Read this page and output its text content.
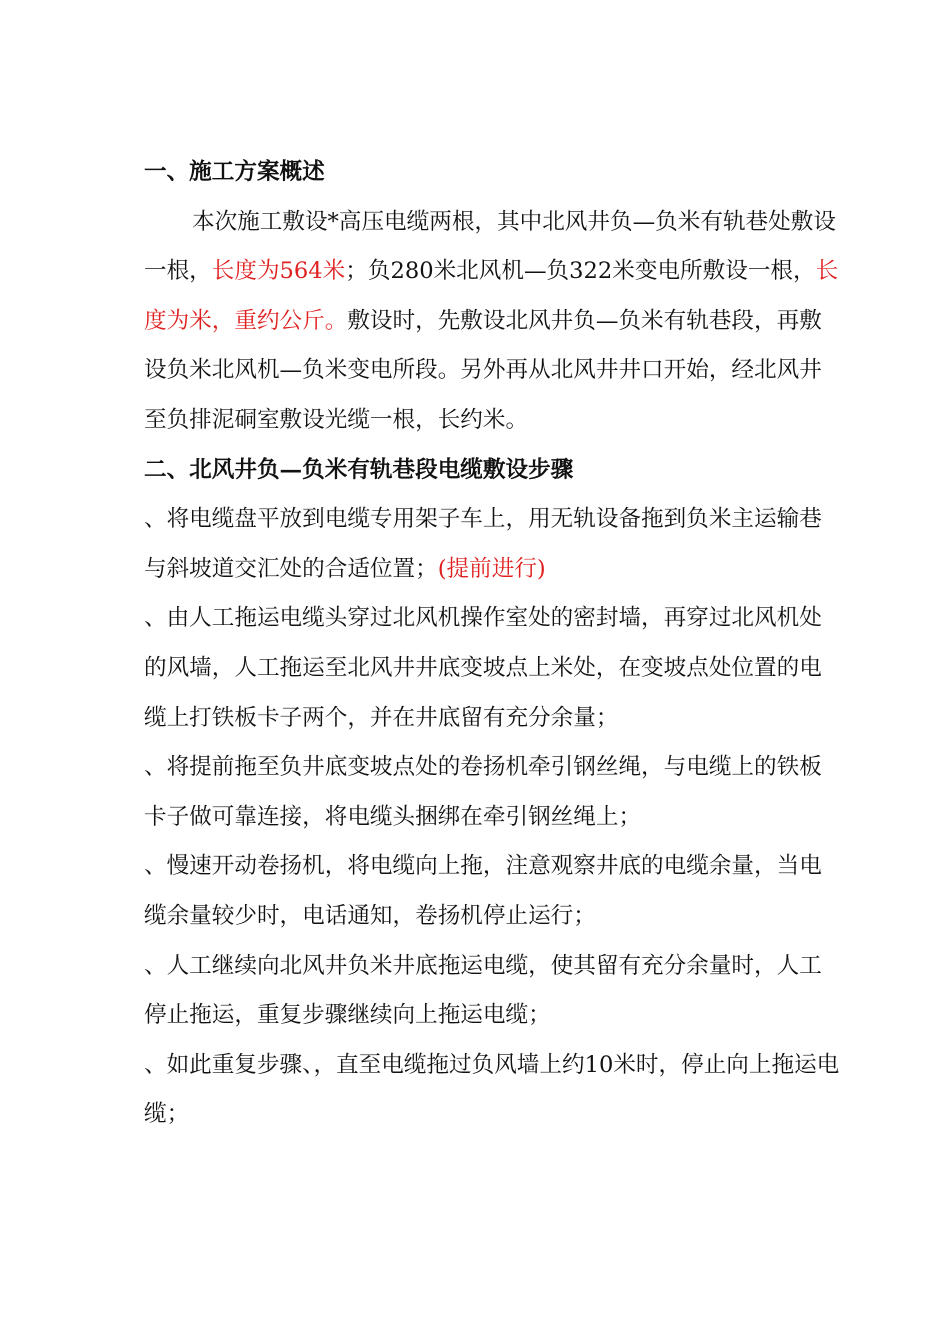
一、施工方案概述

本次施工敷设*高压电缆两根，其中北风井负—负米有轨巷处敷设一根，长度为564米；负280米北风机—负322米变电所敷设一根，长度为米，重约公斤。敷设时，先敷设北风井负—负米有轨巷段，再敷设负米北风机—负米变电所段。另外再从北风井井口开始，经北风井至负排泥硐室敷设光缆一根，长约米。

二、北风井负—负米有轨巷段电缆敷设步骤

、将电缆盘平放到电缆专用架子车上，用无轨设备拖到负米主运输巷与斜坡道交汇处的合适位置；(提前进行)

、由人工拖运电缆头穿过北风机操作室处的密封墙，再穿过北风机处的风墙，人工拖运至北风井井底变坡点上米处，在变坡点处位置的电缆上打铁板卡子两个，并在井底留有充分余量；

、将提前拖至负井底变坡点处的卷扬机牵引钢丝绳，与电缆上的铁板卡子做可靠连接，将电缆头捆绑在牵引钢丝绳上；

、慢速开动卷扬机，将电缆向上拖，注意观察井底的电缆余量，当电缆余量较少时，电话通知，卷扬机停止运行；

、人工继续向北风井负米井底拖运电缆，使其留有充分余量时，人工停止拖运，重复步骤继续向上拖运电缆；

、如此重复步骤、，直至电缆拖过负风墙上约10米时，停止向上拖运电缆；
